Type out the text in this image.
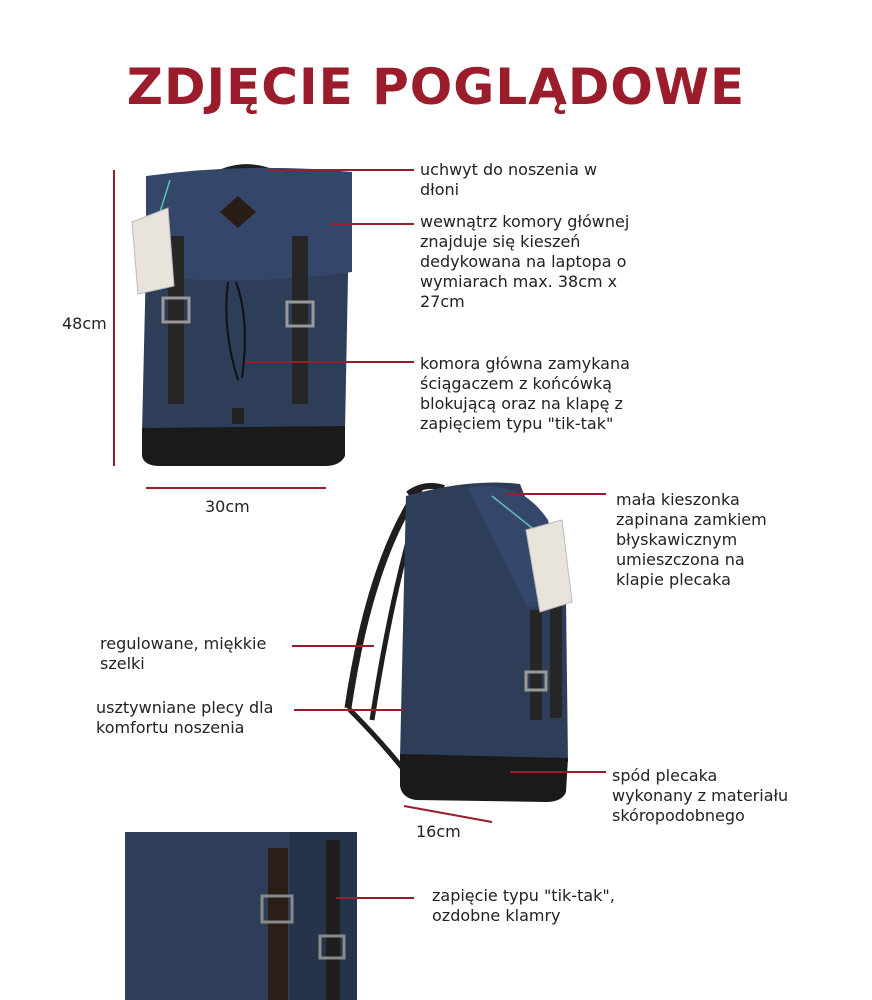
ZDJĘCIE POGLĄDOWE
48cm
30cm
16cm
uchwyt do noszenia w
dłoni
wewnątrz komory głównej
znajduje się kieszeń
dedykowana na laptopa o
wymiarach max. 38cm x
27cm
komora główna zamykana
ściągaczem z końcówką
blokującą oraz na klapę z
zapięciem typu "tik-tak"
mała kieszonka
zapinana zamkiem
błyskawicznym
umieszczona na
klapie plecaka
regulowane, miękkie
szelki
usztywniane plecy dla
komfortu noszenia
spód plecaka
wykonany z materiału
skóropodobnego
zapięcie typu "tik-tak",
ozdobne klamry
